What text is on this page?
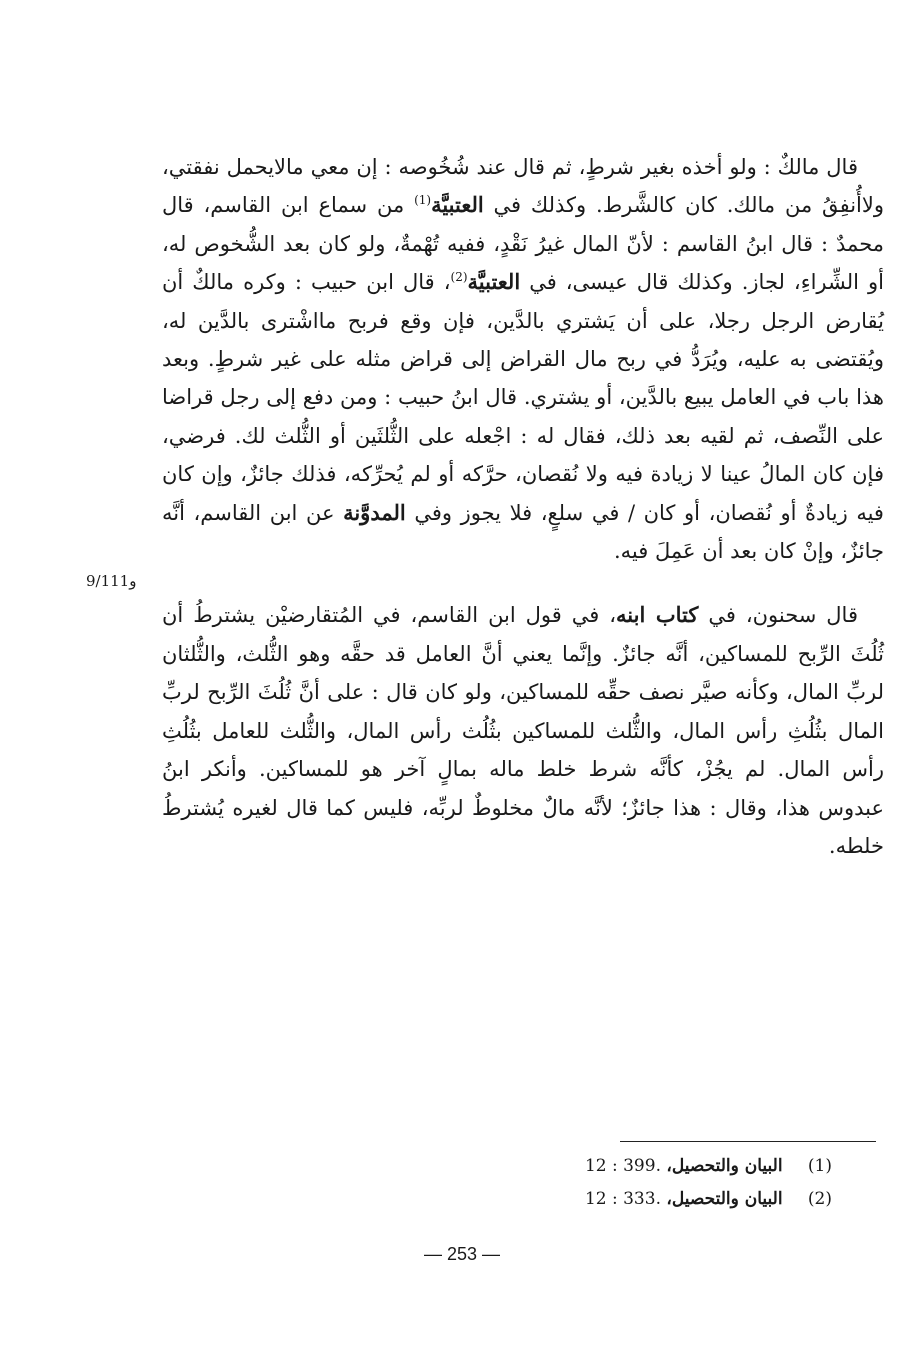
قال مالكٌ : ولو أخذه بغير شرطٍ، ثم قال عند شُخُوصه : إن معي مالايحمل نفقتي، ولاأُنفِقُ من مالك. كان كالشَّرط. وكذلك في العتبيَّة$^{(1)}$ من سماع ابن القاسم، قال محمدٌ : قال ابنُ القاسم : لأنّ المال غيرُ نَقْدٍ، ففيه تُهْمةٌ، ولو كان بعد الشُّخوص له، أو الشِّراءِ، لجاز. وكذلك قال عيسى، في العتبيَّة$^{(2)}$، قال ابن حبيب : وكره مالكٌ أن يُقارض الرجل رجلا، على أن يَشتري بالدَّين، فإن وقع فربح مااشْترى بالدَّين له، ويُقتضى به عليه، ويُرَدُّ في ربح مال القراض إلى قراض مثله على غير شرطٍ. وبعد هذا باب في العامل يبيع بالدَّين، أو يشتري. قال ابنُ حبيب : ومن دفع إلى رجل قراضا على النِّصف، ثم لقيه بعد ذلك، فقال له : اجْعله على الثُّلثَين أو الثُّلث لك. فرضي، فإن كان المالُ عينا لا زيادة فيه ولا نُقصان، حرَّكه أو لم يُحرِّكه، فذلك جائزٌ، وإن كان فيه زيادةٌ أو نُقصان، أو كان / في سلعٍ، فلا يجوز وفي المدوَّنة عن ابن القاسم، أنَّه جائزٌ، وإنْ كان بعد أن عَمِلَ فيه.

قال سحنون، في كتاب ابنه، في قول ابن القاسم، في المُتقارضيْن يشترطُ أن ثُلُثَ الرِّبح للمساكين، أنَّه جائزٌ. وإنَّما يعني أنَّ العامل قد حقَّه وهو الثُّلث، والثُّلثان لربِّ المال، وكأنه صيَّر نصف حقِّه للمساكين، ولو كان قال : على أنَّ ثُلُثَ الرِّبح لربِّ المال بثُلُثِ رأس المال، والثُّلث للمساكين بثُلُث رأس المال، والثُّلث للعامل بثُلُثِ رأس المال. لم يجُزْ، كأنَّه شرط خلط ماله بمالٍ آخر هو للمساكين. وأنكر ابنُ عبدوس هذا، وقال : هذا جائزٌ؛ لأنَّه مالٌ مخلوطٌ لربِّه، فليس كما قال لغيره يُشترطُ خلطه.

9/111و
(1) البيان والتحصيل، 12 : 399.
(2) البيان والتحصيل، 12 : 333.
— 253 —
